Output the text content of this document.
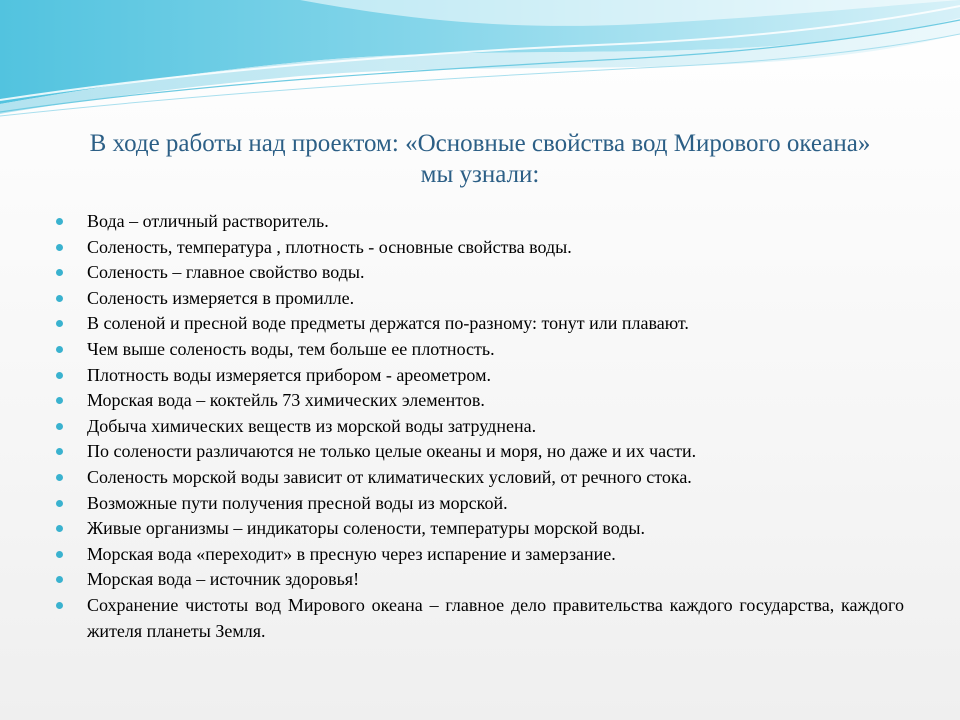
В ходе работы над проектом: «Основные свойства вод Мирового океана»
мы узнали:
Вода – отличный растворитель.
Соленость, температура , плотность - основные свойства воды.
Соленость – главное свойство воды.
Соленость измеряется в промилле.
В соленой и пресной воде предметы держатся по-разному: тонут или плавают.
Чем выше соленость воды, тем больше ее плотность.
Плотность воды измеряется прибором - ареометром.
Морская вода – коктейль 73 химических элементов.
Добыча химических веществ из морской воды затруднена.
По солености различаются не только целые океаны и моря, но даже и их части.
Соленость морской воды зависит от климатических условий, от речного стока.
Возможные пути получения пресной воды из морской.
Живые организмы – индикаторы солености, температуры морской воды.
Морская вода «переходит» в пресную через испарение и замерзание.
Морская вода – источник здоровья!
Сохранение чистоты вод Мирового океана – главное дело правительства каждого государства, каждого жителя планеты Земля.
